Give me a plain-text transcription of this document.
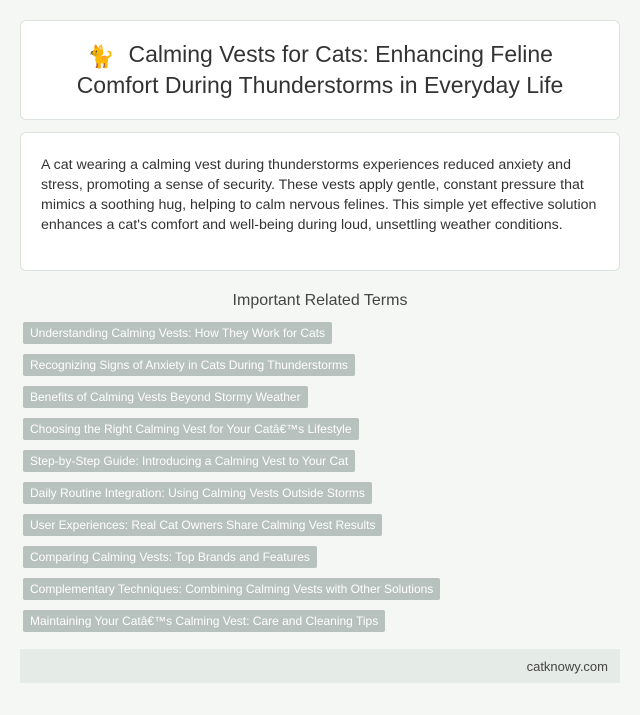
🐈 Calming Vests for Cats: Enhancing Feline Comfort During Thunderstorms in Everyday Life

A cat wearing a calming vest during thunderstorms experiences reduced anxiety and stress, promoting a sense of security. These vests apply gentle, constant pressure that mimics a soothing hug, helping to calm nervous felines. This simple yet effective solution enhances a cat's comfort and well-being during loud, unsettling weather conditions.

Important Related Terms
Understanding Calming Vests: How They Work for Cats
Recognizing Signs of Anxiety in Cats During Thunderstorms
Benefits of Calming Vests Beyond Stormy Weather
Choosing the Right Calming Vest for Your Catâ€™s Lifestyle
Step-by-Step Guide: Introducing a Calming Vest to Your Cat
Daily Routine Integration: Using Calming Vests Outside Storms
User Experiences: Real Cat Owners Share Calming Vest Results
Comparing Calming Vests: Top Brands and Features
Complementary Techniques: Combining Calming Vests with Other Solutions
Maintaining Your Catâ€™s Calming Vest: Care and Cleaning Tips
catknowy.com
